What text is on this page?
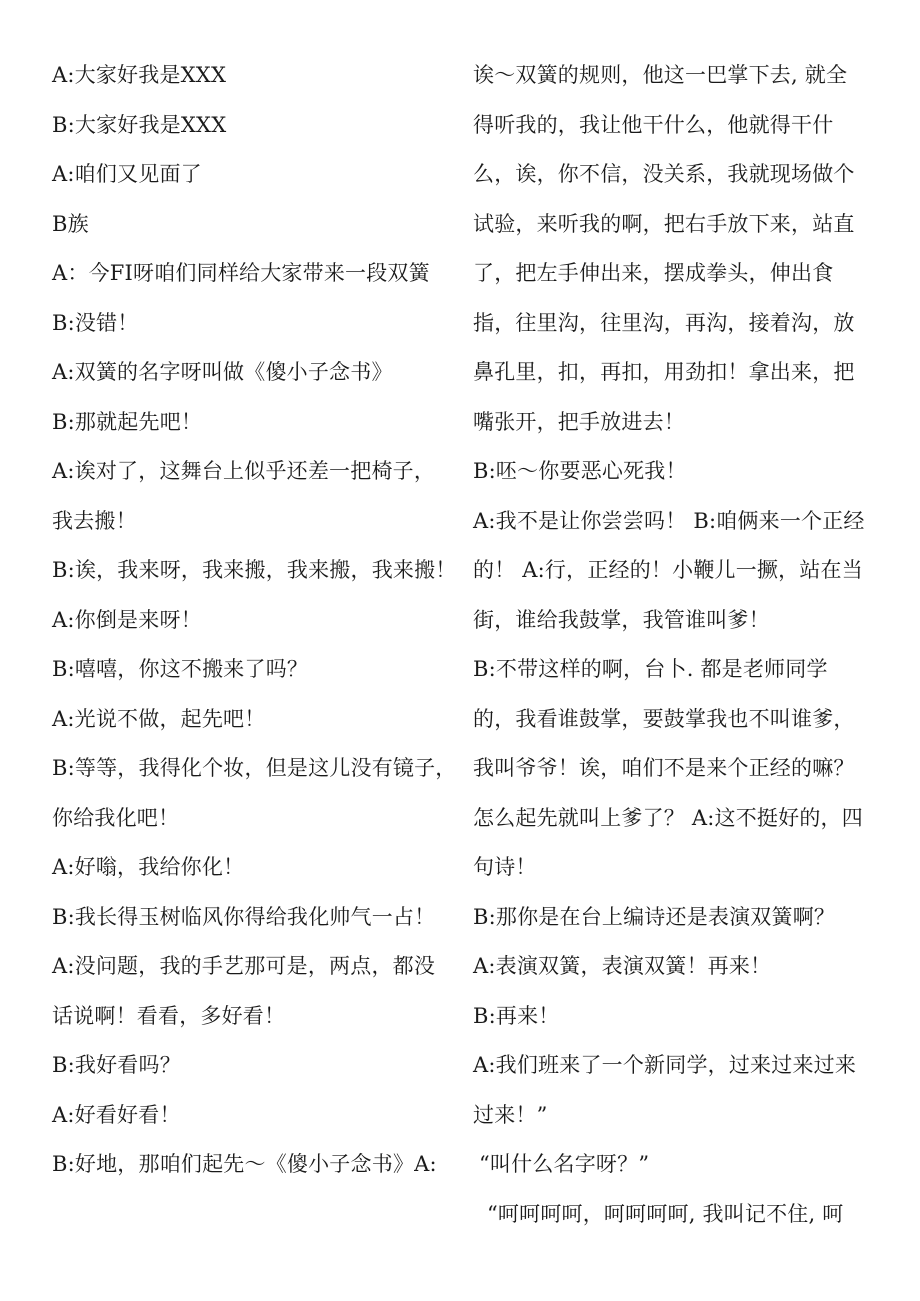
A:大家好我是XXX
B:大家好我是XXX
A:咱们又见面了
B族
A：今FI呀咱们同样给大家带来一段双簧
B:没错！
A:双簧的名字呀叫做《傻小子念书》
B:那就起先吧！
A:诶对了，这舞台上似乎还差一把椅子，
我去搬！
B:诶，我来呀，我来搬，我来搬，我来搬！
A:你倒是来呀！
B:嘻嘻，你这不搬来了吗？
A:光说不做，起先吧！
B:等等，我得化个妆，但是这儿没有镜子，
你给我化吧！
A:好嗡，我给你化！
B:我长得玉树临风你得给我化帅气一占！
A:没问题，我的手艺那可是，两点，都没
话说啊！看看，多好看！
B:我好看吗？
A:好看好看！
B:好地，那咱们起先～《傻小子念书》A:
诶～双簧的规则，他这一巴掌下去, 就全
得听我的，我让他干什么，他就得干什
么，诶，你不信，没关系，我就现场做个
试验，来听我的啊，把右手放下来，站直
了，把左手伸出来，摆成拳头，伸出食
指，往里沟，往里沟，再沟，接着沟，放
鼻孔里，扣，再扣，用劲扣！拿出来，把
嘴张开，把手放进去！
B:呸～你要恶心死我！
A:我不是让你尝尝吗！ B:咱俩来一个正经
的！ A:行，正经的！小鞭儿一撅，站在当
街，谁给我鼓掌，我管谁叫爹！
B:不带这样的啊，台卜. 都是老师同学
的，我看谁鼓掌，要鼓掌我也不叫谁爹，
我叫爷爷！诶，咱们不是来个正经的嘛？
怎么起先就叫上爹了？ A:这不挺好的，四
句诗！
B:那你是在台上编诗还是表演双簧啊？
A:表演双簧，表演双簧！再来！
B:再来！
A:我们班来了一个新同学，过来过来过来
过来！”
“叫什么名字呀？”
“呵呵呵呵，呵呵呵呵, 我叫记不住, 呵
